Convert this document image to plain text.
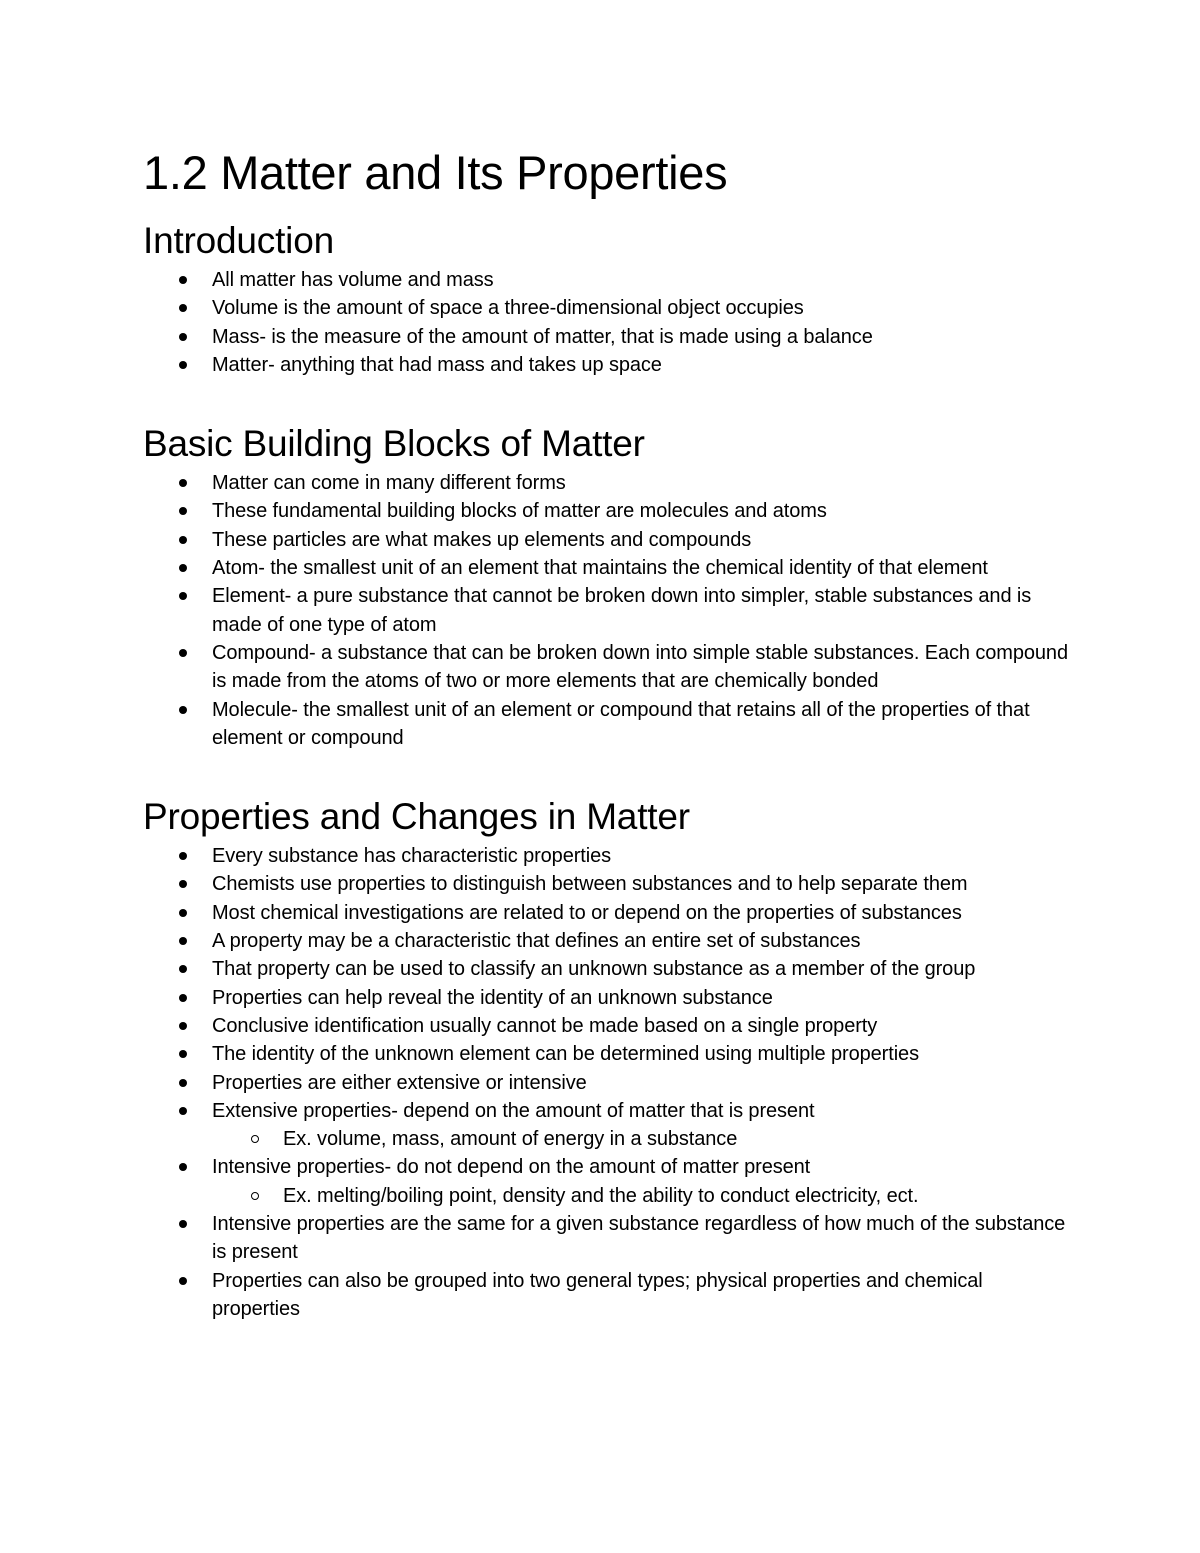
1.2 Matter and Its Properties
Introduction
All matter has volume and mass
Volume is the amount of space a three-dimensional object occupies
Mass- is the measure of the amount of matter, that is made using a balance
Matter- anything that had mass and takes up space
Basic Building Blocks of Matter
Matter can come in many different forms
These fundamental building blocks of matter are molecules and atoms
These particles are what makes up elements and compounds
Atom- the smallest unit of an element that maintains the chemical identity of that element
Element- a pure substance that cannot be broken down into simpler, stable substances and is made of one type of atom
Compound- a substance that can be broken down into simple stable substances. Each compound is made from the atoms of two or more elements that are chemically bonded
Molecule- the smallest unit of an element or compound that retains all of the properties of that element or compound
Properties and Changes in Matter
Every substance has characteristic properties
Chemists use properties to distinguish between substances and to help separate them
Most chemical investigations are related to or depend on the properties of substances
A property may be a characteristic that defines an entire set of substances
That property can be used to classify an unknown substance as a member of the group
Properties can help reveal the identity of an unknown substance
Conclusive identification usually cannot be made based on a single property
The identity of the unknown element can be determined using multiple properties
Properties are either extensive or intensive
Extensive properties- depend on the amount of matter that is present
Ex. volume, mass, amount of energy in a substance
Intensive properties- do not depend on the amount of matter present
Ex. melting/boiling point, density and the ability to conduct electricity, ect.
Intensive properties are the same for a given substance regardless of how much of the substance is present
Properties can also be grouped into two general types; physical properties and chemical properties
